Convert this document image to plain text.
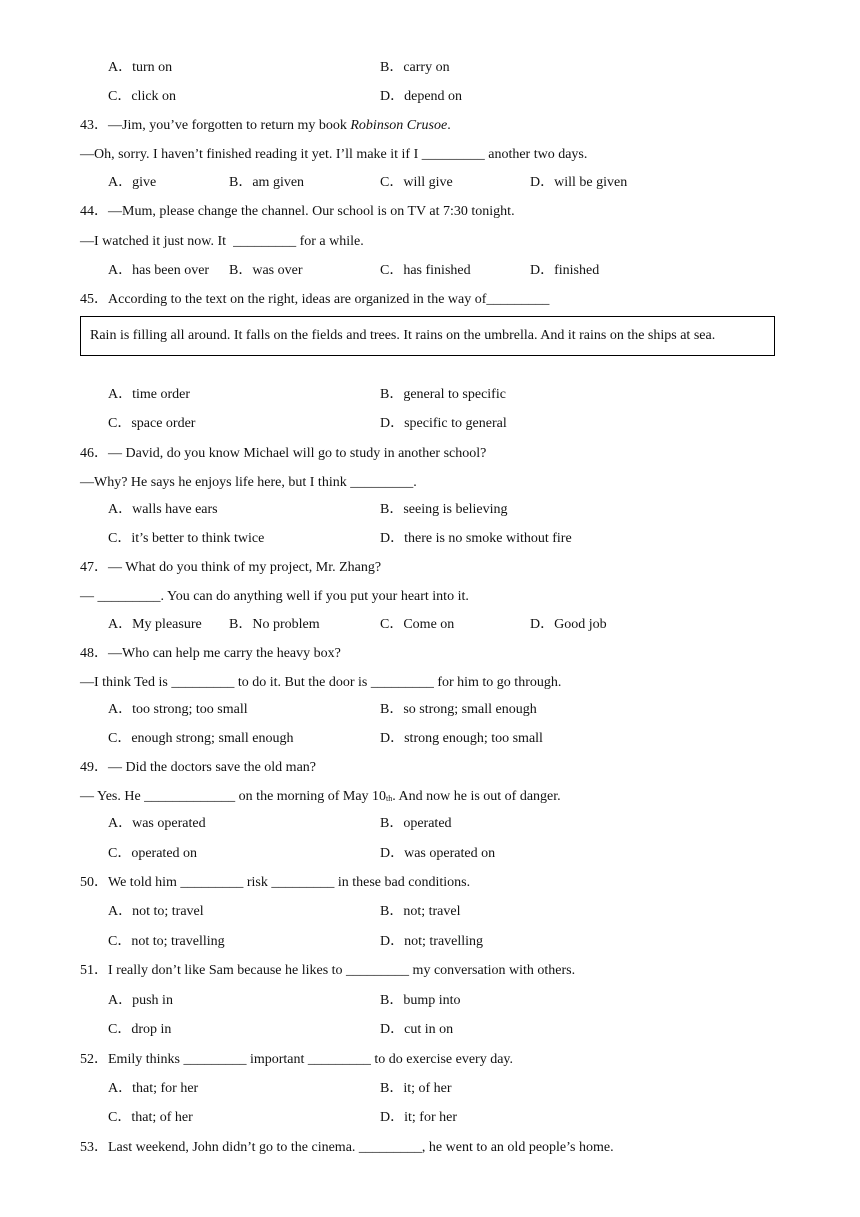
A．turn on	B．carry on
C．click on	D．depend on
43．—Jim, you’ve forgotten to return my book Robinson Crusoe.
—Oh, sorry. I haven’t finished reading it yet. I’ll make it if I _________ another two days.
A．give	B．am given	C．will give	D．will be given
44．—Mum, please change the channel. Our school is on TV at 7:30 tonight.
—I watched it just now. It  _________ for a while.
A．has been over B．was over	C．has finished	D．finished
45．According to the text on the right, ideas are organized in the way of_________
Rain is filling all around. It falls on the fields and trees. It rains on the umbrella. And it rains on the ships at sea.
A．time order	B．general to specific
C．space order	D．specific to general
46．— David, do you know Michael will go to study in another school?
—Why? He says he enjoys life here, but I think _________.
A．walls have ears	B．seeing is believing
C．it’s better to think twice	D．there is no smoke without fire
47．— What do you think of my project, Mr. Zhang?
— _________. You can do anything well if you put your heart into it.
A．My pleasure B．No problem	C．Come on	D．Good job
48．—Who can help me carry the heavy box?
—I think Ted is _________ to do it. But the door is _________ for him to go through.
A．too strong; too small	B．so strong; small enough
C．enough strong; small enough	D．strong enough; too small
49．— Did the doctors save the old man?
— Yes. He _____________ on the morning of May 10th. And now he is out of danger.
A．was operated	B．operated
C．operated on	D．was operated on
50．We told him _________ risk _________ in these bad conditions.
A．not to; travel	B．not; travel
C．not to; travelling	D．not; travelling
51．I really don’t like Sam because he likes to _________ my conversation with others.
A．push in	B．bump into
C．drop in	D．cut in on
52．Emily thinks _________ important _________ to do exercise every day.
A．that; for her	B．it; of her
C．that; of her	D．it; for her
53．Last weekend, John didn’t go to the cinema. _________, he went to an old people’s home.
